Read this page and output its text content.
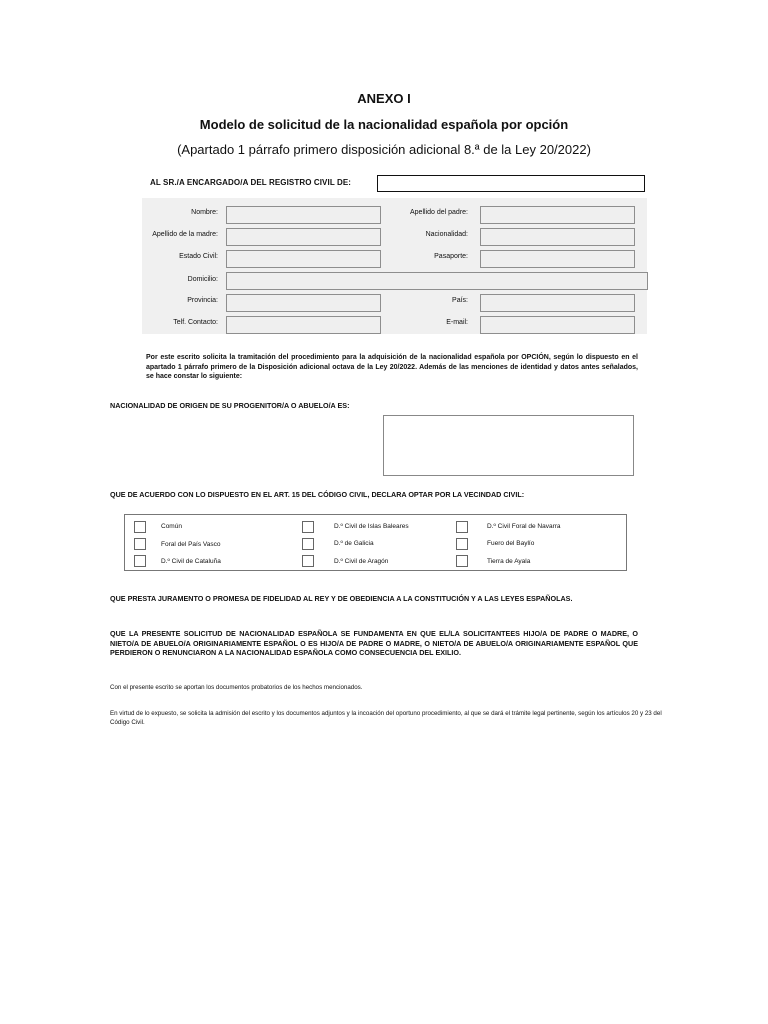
ANEXO I
Modelo de solicitud de la nacionalidad española por opción
(Apartado 1 párrafo primero disposición adicional 8.ª de la Ley 20/2022)
AL SR./A ENCARGADO/A DEL REGISTRO CIVIL DE:
Nombre:	Apellido del padre:
Apellido de la madre:	Nacionalidad:
Estado Civil:	Pasaporte:
Domicilio:
Provincia:	País:
Telf. Contacto:	E-mail:
Por este escrito solicita la tramitación del procedimiento para la adquisición de la nacionalidad española por OPCIÓN, según lo dispuesto en el apartado 1 párrafo primero de la Disposición adicional octava de la Ley 20/2022. Además de las menciones de identidad y datos antes señalados, se hace constar lo siguiente:
NACIONALIDAD DE ORIGEN DE SU PROGENITOR/A O ABUELO/A ES:
QUE DE ACUERDO CON LO DISPUESTO EN EL ART. 15 DEL CÓDIGO CIVIL, DECLARA OPTAR POR LA VECINDAD CIVIL:
Común	D.º Civil de Islas Baleares	D.º Civil Foral de Navarra
Foral del País Vasco	D.º de Galicia	Fuero del Baylío
D.º Civil de Cataluña	D.º Civil de Aragón	Tierra de Ayala
QUE PRESTA JURAMENTO O PROMESA DE FIDELIDAD AL REY Y DE OBEDIENCIA A LA CONSTITUCIÓN Y A LAS LEYES ESPAÑOLAS.
QUE LA PRESENTE SOLICITUD DE NACIONALIDAD ESPAÑOLA SE FUNDAMENTA EN QUE EL/LA SOLICITANTEES HIJO/A DE PADRE O MADRE, O NIETO/A DE ABUELO/A ORIGINARIAMENTE ESPAÑOL O ES HIJO/A DE PADRE O MADRE, O NIETO/A DE ABUELO/A ORIGINARIAMENTE ESPAÑOL QUE PERDIERON O RENUNCIARON A LA NACIONALIDAD ESPAÑOLA COMO CONSECUENCIA DEL EXILIO.
Con el presente escrito se aportan los documentos probatorios de los hechos mencionados.
En virtud de lo expuesto, se solicita la admisión del escrito y los documentos adjuntos y la incoación del oportuno procedimiento, al que se dará el trámite legal pertinente, según los artículos 20 y 23 del Código Civil.
